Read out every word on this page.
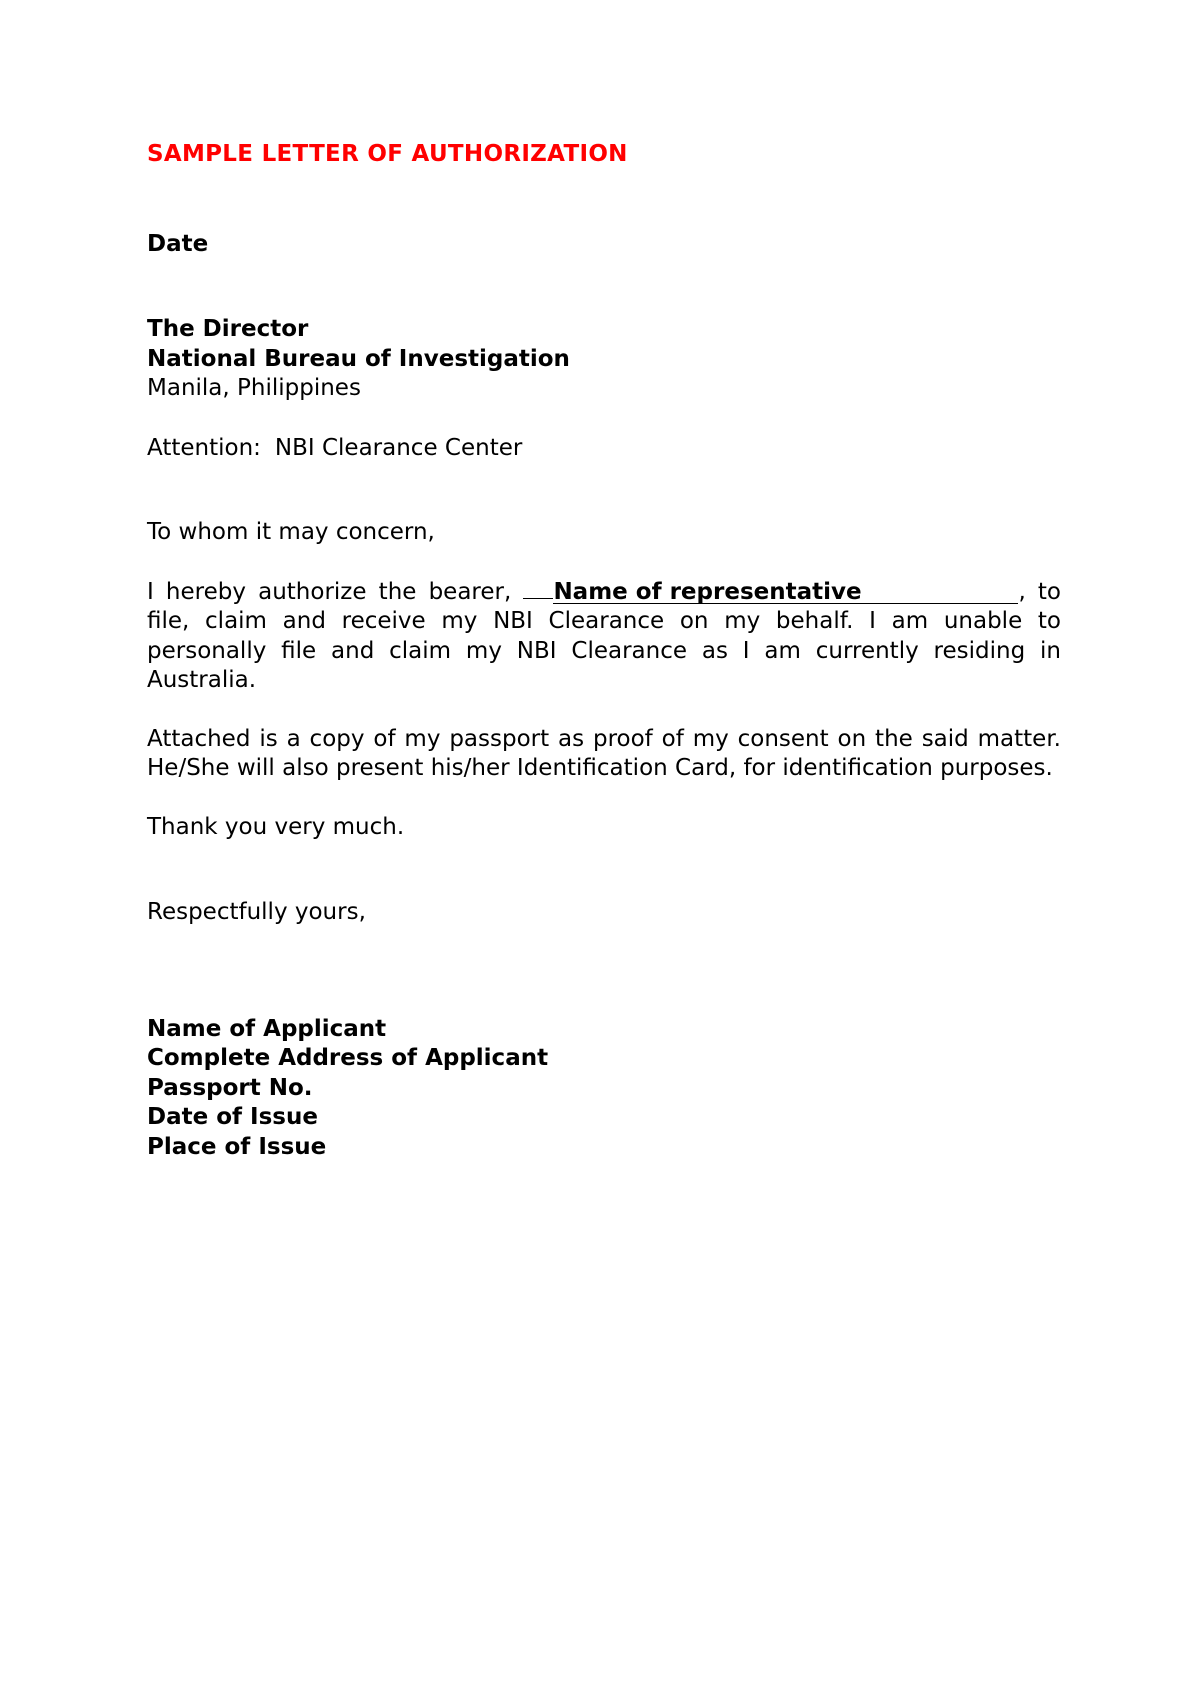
SAMPLE LETTER OF AUTHORIZATION

Date
The Director
National Bureau of Investigation
Manila, Philippines
Attention: NBI Clearance Center
To whom it may concern,

I hereby authorize the bearer, Name of representative	, to file, claim and receive my NBI Clearance on my behalf. I am unable to personally file and claim my NBI Clearance as I am currently residing in Australia.

Attached is a copy of my passport as proof of my consent on the said matter. He/She will also present his/her Identification Card, for identification purposes.

Thank you very much.

Respectfully yours,
Name of Applicant
Complete Address of Applicant
Passport No.
Date of Issue
Place of Issue
